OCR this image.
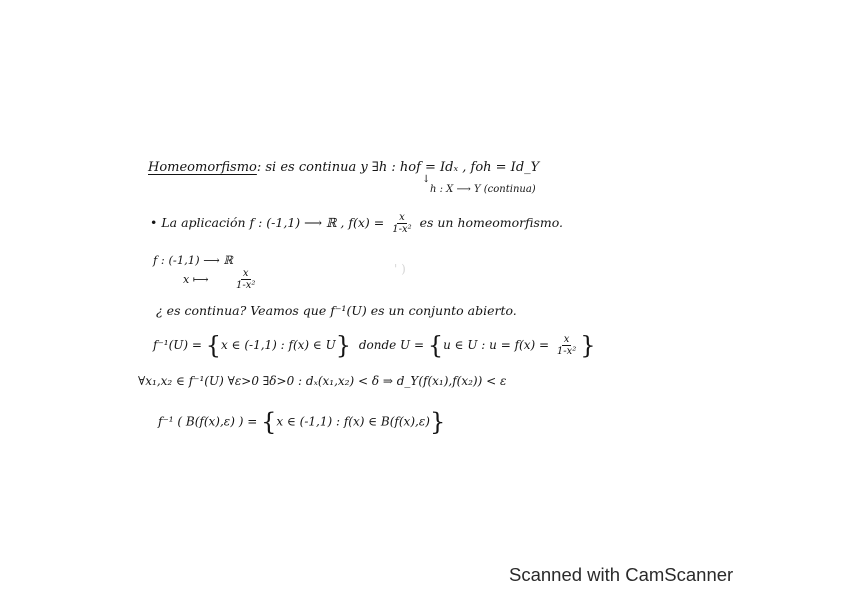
Homeomorfismo: si es continua y ∃h : hof = Idₓ , foh = Id_Y
↓
h : X ⟶ Y (continua)
• La aplicación f : (-1,1) ⟶ ℝ , $f(x) = \frac{x}{\text{1-x²}}$ es un homeomorfismo.
f : (-1,1) ⟶ ℝ
x ⟼	$\frac{x}{\text{1-x²}}$
¿ es continua? Veamos que f⁻¹(U) es un conjunto abierto.
f⁻¹(U) = {x ∈ (-1,1) : f(x) ∈ U} donde U = {u ∈ U : $u = f(x) = \frac{x}{\text{1-x²}}$ }
∀x₁,x₂ ∈ f⁻¹(U) ∀ε>0 ∃δ>0 : dₓ(x₁,x₂) < δ ⇒ d_Y(f(x₁),f(x₂)) < ε
f⁻¹ ( B(f(x),ε) ) = {x ∈ (-1,1) : f(x) ∈ B(f(x),ε)}
' )
Scanned with CamScanner
